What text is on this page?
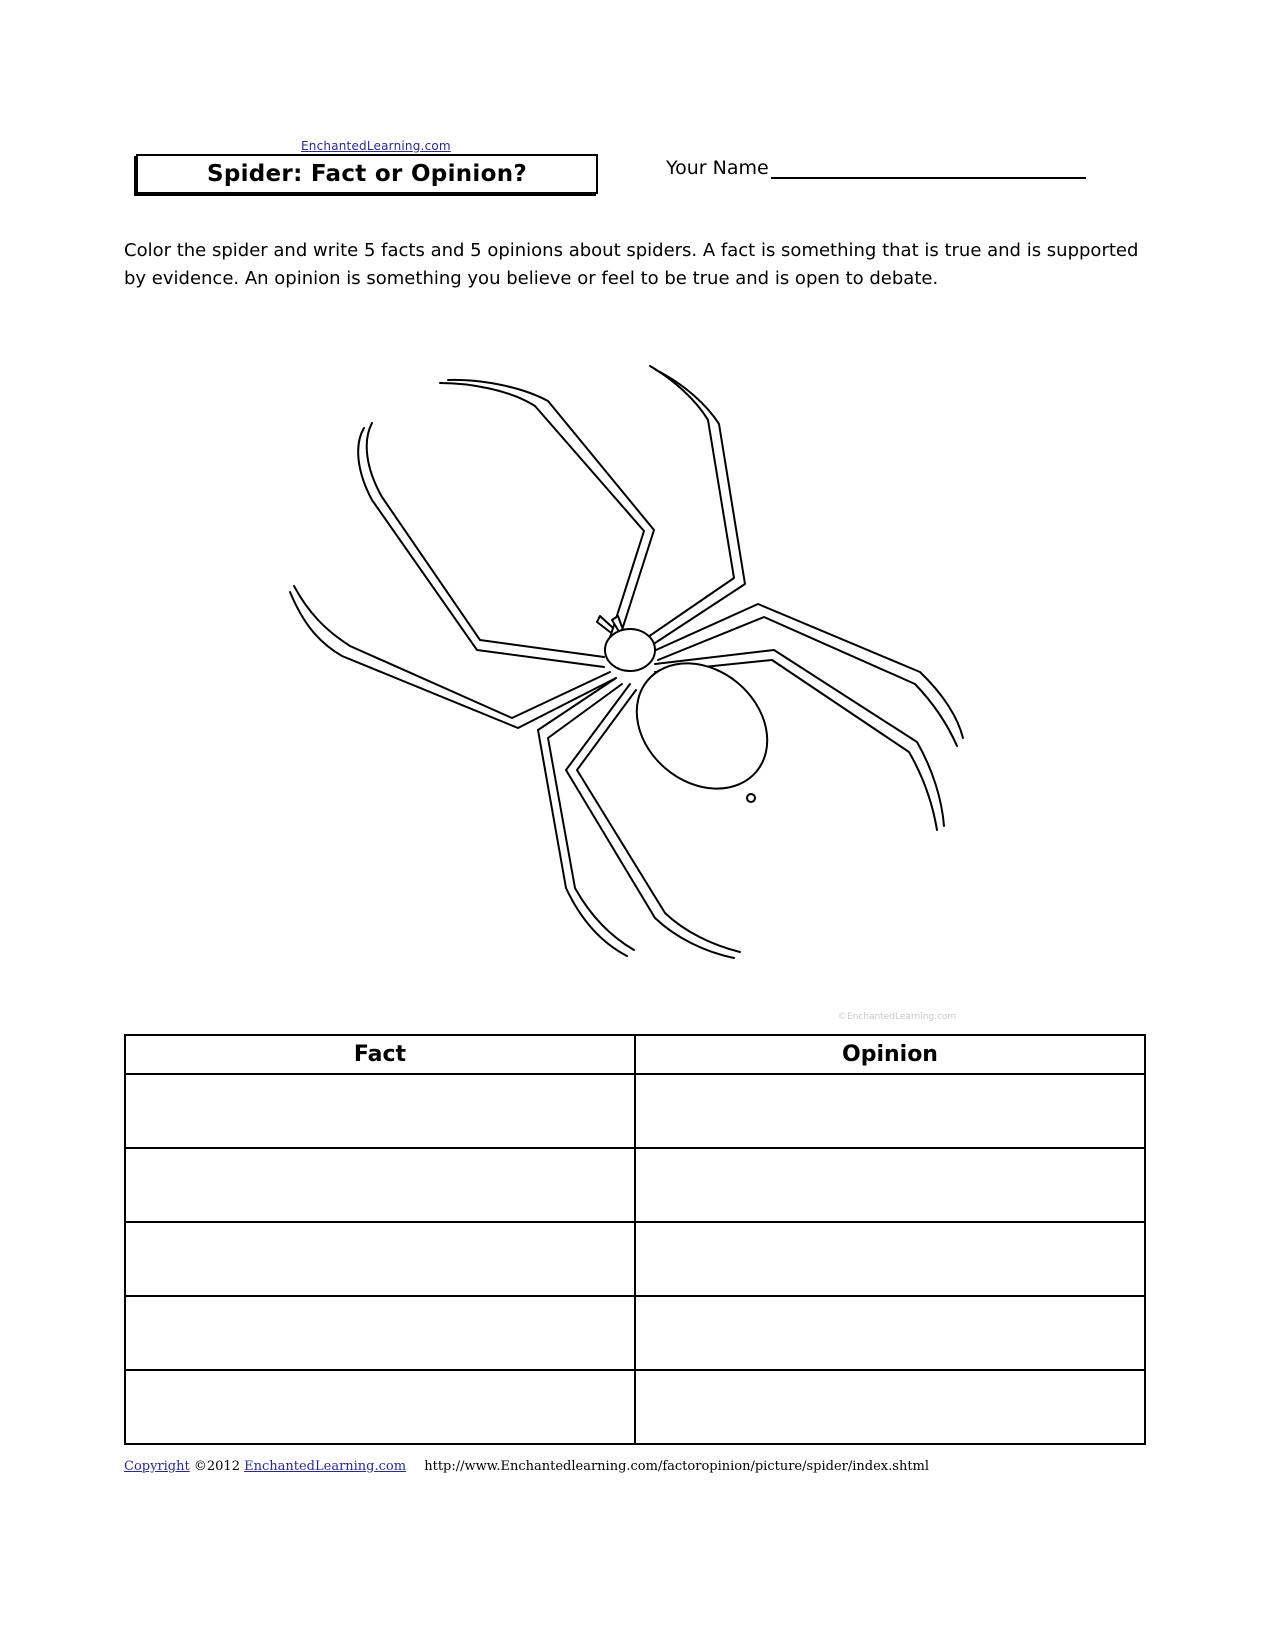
EnchantedLearning.com
Spider: Fact or Opinion?	Your Name
Color the spider and write 5 facts and 5 opinions about spiders. A fact is something that is true and is supported by evidence. An opinion is something you believe or feel to be true and is open to debate.
©EnchantedLearning.com
Fact	Opinion

Copyright ©2012 EnchantedLearning.com http://www.Enchantedlearning.com/factoropinion/picture/spider/index.shtml
